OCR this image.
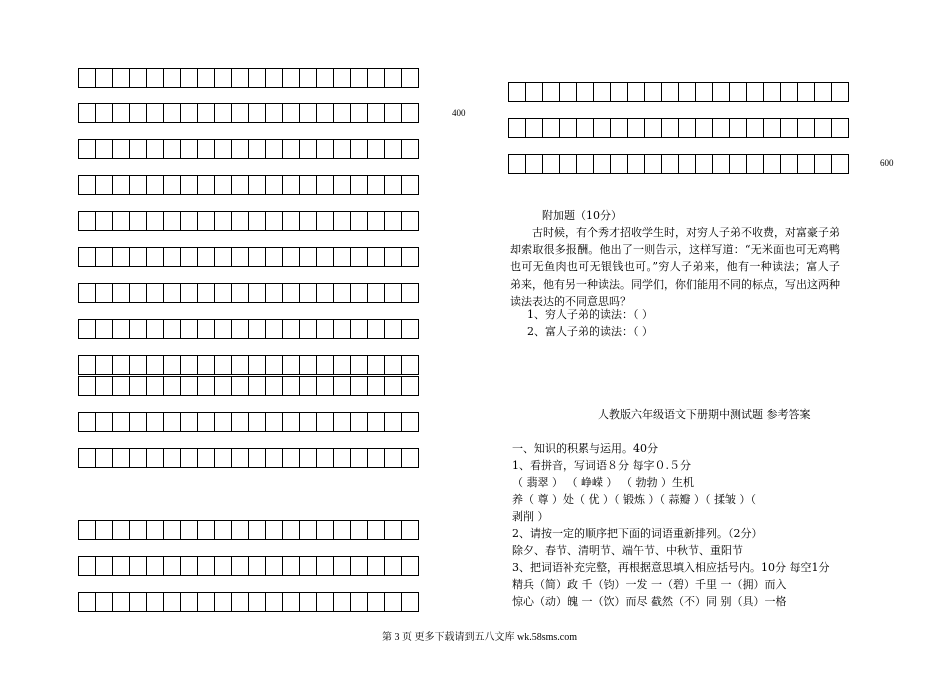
400
600
附加题（10分）
古时候，有个秀才招收学生时，对穷人子弟不收费，对富豪子弟却索取很多报酬。他出了一则告示，这样写道：“无米面也可无鸡鸭也可无鱼肉也可无银钱也可。”穷人子弟来，他有一种读法；富人子弟来，他有另一种读法。同学们，你们能用不同的标点，写出这两种读法表达的不同意思吗？
1、穷人子弟的读法：（ ）
2、富人子弟的读法：（ ）
人教版六年级语文下册期中测试题 参考答案
一、知识的积累与运用。40分
1、看拼音，写词语８分 每字０.５分
（ 翡翠 ） （ 峥嵘 ） （ 勃勃 ）生机
养（ 尊 ）处（ 优 ）（ 锻炼 ）（ 蒜瓣 ）（ 揉皱 ）（
剥削 ）
2、请按一定的顺序把下面的词语重新排列。（2分）
除夕、春节、清明节、端午节、中秋节、重阳节
3、把词语补充完整，再根据意思填入相应括号内。10分 每空1分
精兵（简）政 千（钧）一发 一（碧）千里 一（拥）而入
惊心（动）魄 一（饮）而尽 截然（不）同 别（具）一格
第 3 页 更多下载请到五八文库 wk.58sms.com
